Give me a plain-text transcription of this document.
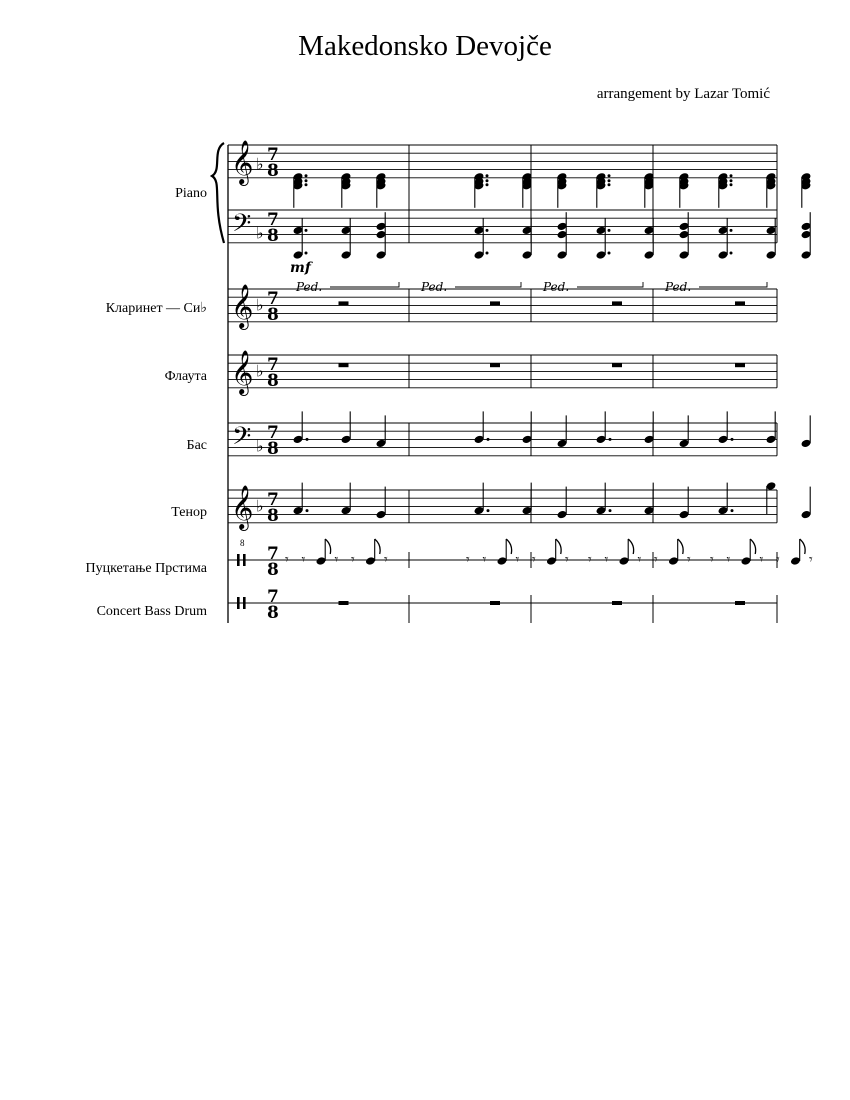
Makedonsko Devojče
arrangement by Lazar Tomić
Piano
Кларинет — Си♭
Флаута
Бас
Тенор
Пуцкетање Прстима
Concert Bass Drum
𝄞
𝄢
𝄞
𝄞
𝄢
𝄞
8
♭
♭
♭
♭
♭
♭
7
8
7
8
7
8
7
8
7
8
7
8
7
8
7
8
𝄾 𝄾 𝄾 𝄾 𝄾	𝄾 𝄾 𝄾 𝄾 𝄾 𝄾 𝄾 𝄾 𝄾 𝄾 𝄾 𝄾 𝄾 𝄾 𝄾
mf
Ped.	Ped.	Ped.	Ped.
